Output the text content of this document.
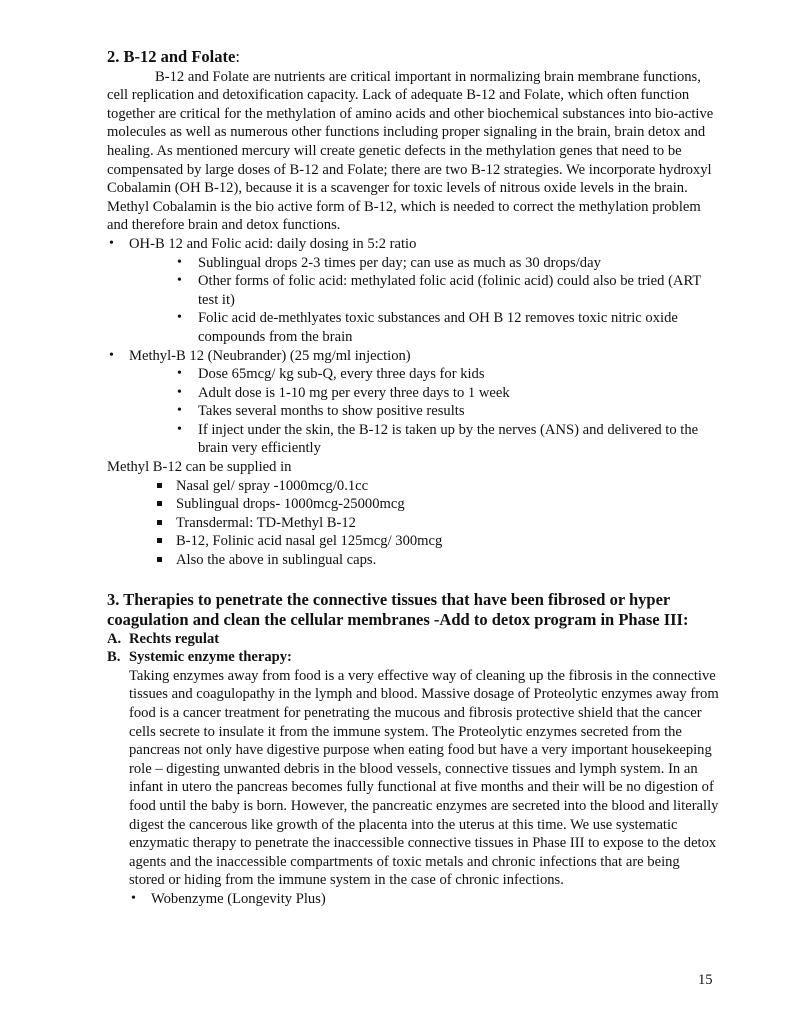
2. B-12 and Folate:

B-12 and Folate are nutrients are critical important in normalizing brain membrane functions, cell replication and detoxification capacity. Lack of adequate B-12 and Folate, which often function together are critical for the methylation of amino acids and other biochemical substances into bio-active molecules as well as numerous other functions including proper signaling in the brain, brain detox and healing. As mentioned mercury will create genetic defects in the methylation genes that need to be compensated by large doses of B-12 and Folate; there are two B-12 strategies. We incorporate hydroxyl Cobalamin (OH B-12), because it is a scavenger for toxic levels of nitrous oxide levels in the brain. Methyl Cobalamin is the bio active form of B-12, which is needed to correct the methylation problem and therefore brain and detox functions.

• OH-B 12 and Folic acid: daily dosing in 5:2 ratio
• Sublingual drops 2-3 times per day; can use as much as 30 drops/day
• Other forms of folic acid: methylated folic acid (folinic acid) could also be tried (ART test it)
• Folic acid de-methlyates toxic substances and OH B 12 removes toxic nitric oxide compounds from the brain
• Methyl-B 12 (Neubrander) (25 mg/ml injection)
• Dose 65mcg/ kg sub-Q, every three days for kids
• Adult dose is 1-10 mg per every three days to 1 week
• Takes several months to show positive results
• If inject under the skin, the B-12 is taken up by the nerves (ANS) and delivered to the brain very efficiently

Methyl B-12 can be supplied in

Nasal gel/ spray -1000mcg/0.1cc
Sublingual drops- 1000mcg-25000mcg
Transdermal: TD-Methyl B-12
B-12, Folinic acid nasal gel 125mcg/ 300mcg
Also the above in sublingual caps.
3. Therapies to penetrate the connective tissues that have been fibrosed or hyper coagulation and clean the cellular membranes -Add to detox program in Phase III:
A. Rechts regulat
B. Systemic enzyme therapy:

Taking enzymes away from food is a very effective way of cleaning up the fibrosis in the connective tissues and coagulopathy in the lymph and blood. Massive dosage of Proteolytic enzymes away from food is a cancer treatment for penetrating the mucous and fibrosis protective shield that the cancer cells secrete to insulate it from the immune system. The Proteolytic enzymes secreted from the pancreas not only have digestive purpose when eating food but have a very important housekeeping role – digesting unwanted debris in the blood vessels, connective tissues and lymph system. In an infant in utero the pancreas becomes fully functional at five months and their will be no digestion of food until the baby is born. However, the pancreatic enzymes are secreted into the blood and literally digest the cancerous like growth of the placenta into the uterus at this time. We use systematic enzymatic therapy to penetrate the inaccessible connective tissues in Phase III to expose to the detox agents and the inaccessible compartments of toxic metals and chronic infections that are being stored or hiding from the immune system in the case of chronic infections.

• Wobenzyme (Longevity Plus)
15
